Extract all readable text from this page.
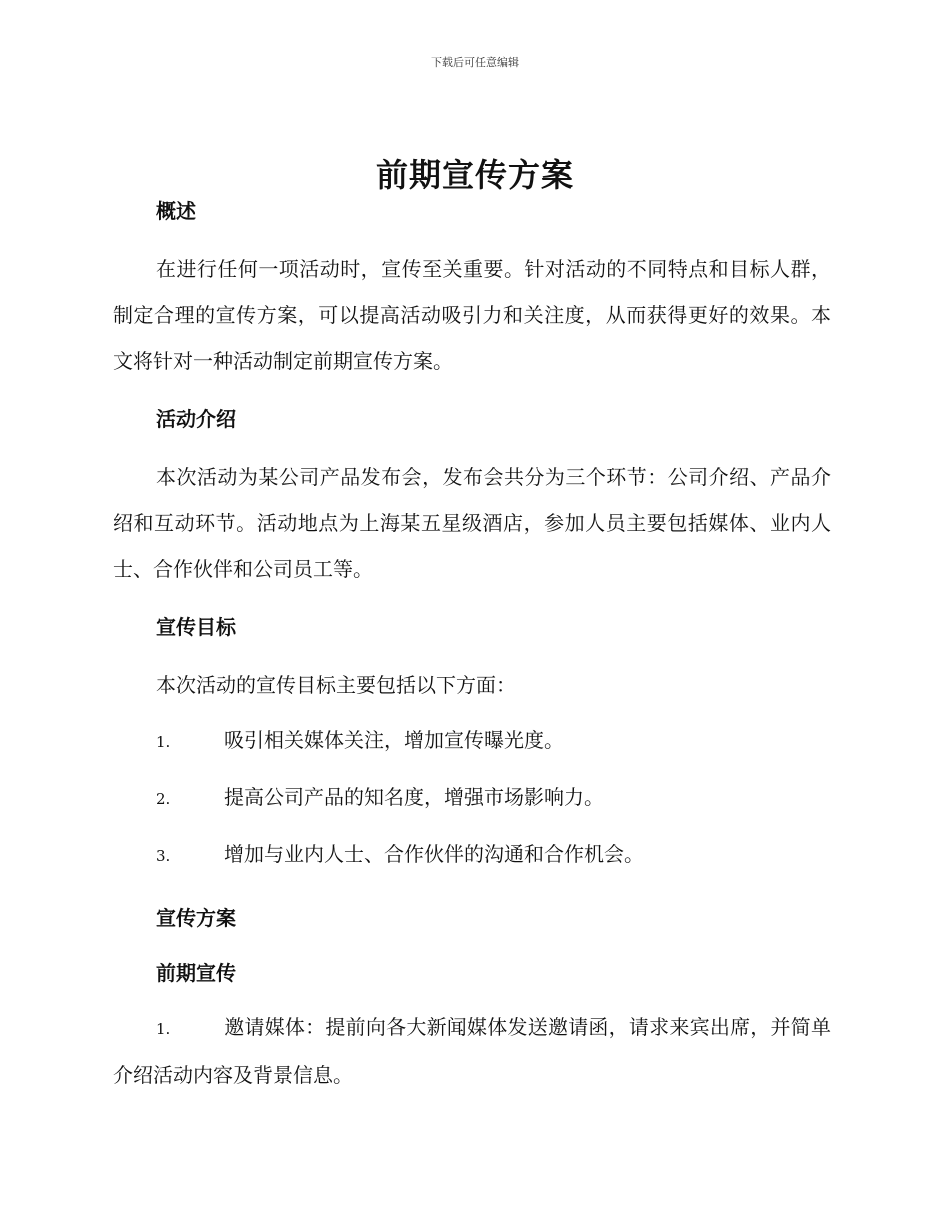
下载后可任意编辑
前期宣传方案
概述

在进行任何一项活动时，宣传至关重要。针对活动的不同特点和目标人群，制定合理的宣传方案，可以提高活动吸引力和关注度，从而获得更好的效果。本文将针对一种活动制定前期宣传方案。

活动介绍

本次活动为某公司产品发布会，发布会共分为三个环节：公司介绍、产品介绍和互动环节。活动地点为上海某五星级酒店，参加人员主要包括媒体、业内人士、合作伙伴和公司员工等。

宣传目标

本次活动的宣传目标主要包括以下方面：

1.	吸引相关媒体关注，增加宣传曝光度。

2.	提高公司产品的知名度，增强市场影响力。

3.	增加与业内人士、合作伙伴的沟通和合作机会。

宣传方案
前期宣传

1.	邀请媒体：提前向各大新闻媒体发送邀请函，请求来宾出席，并简单介绍活动内容及背景信息。
